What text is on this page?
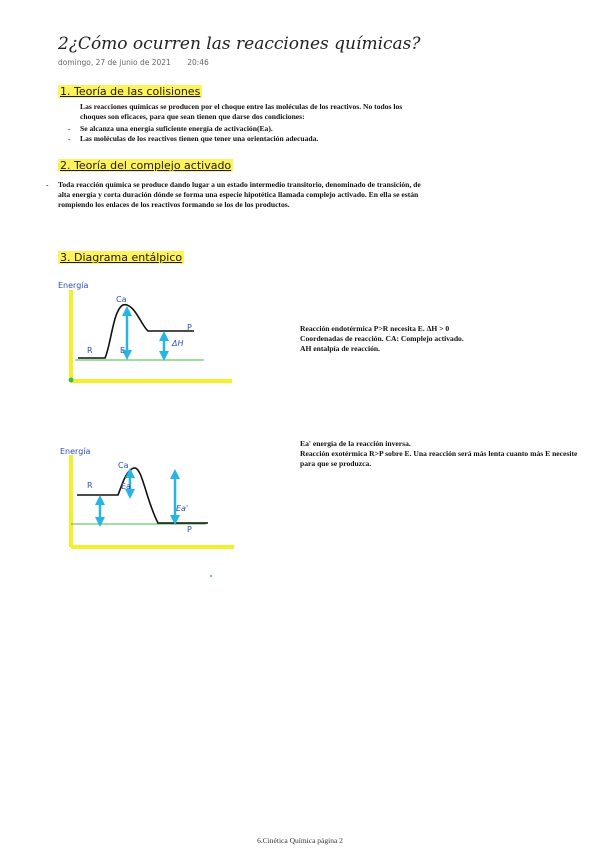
2¿Cómo ocurren las reacciones químicas?
domingo, 27 de junio de 2021 20:46
1. Teoría de las colisiones
Las reacciones químicas se producen por el choque entre las moléculas de los reactivos. No todos los choques son eficaces, para que sean tienen que darse dos condiciones:
- Se alcanza una energía suficiente energía de activación(Ea).
- Las moléculas de los reactivos tienen que tener una orientación adecuada.
2. Teoría del complejo activado
- Toda reacción química se produce dando lugar a un estado intermedio transitorio, denominado de transición, de alta energía y corta duración dónde se forma una especie hipotética llamada complejo activado. En ella se están rompiendo los enlaces de los reactivos formando se los de los productos.
3. Diagrama entálpico
Energía
Ca
R	E
P
ΔH
Reacción endotérmica P>R necesita E. ΔH > 0
Coordenadas de reacción. CA: Complejo activado.
AH entalpía de reacción.
Energía
Ca
R	Ea
Ea'
P
Ea' energía de la reacción inversa.
Reacción exotérmica R>P sobre E. Una reacción será más lenta cuanto más E necesite para que se produzca.
6.Cinética Química página 2
